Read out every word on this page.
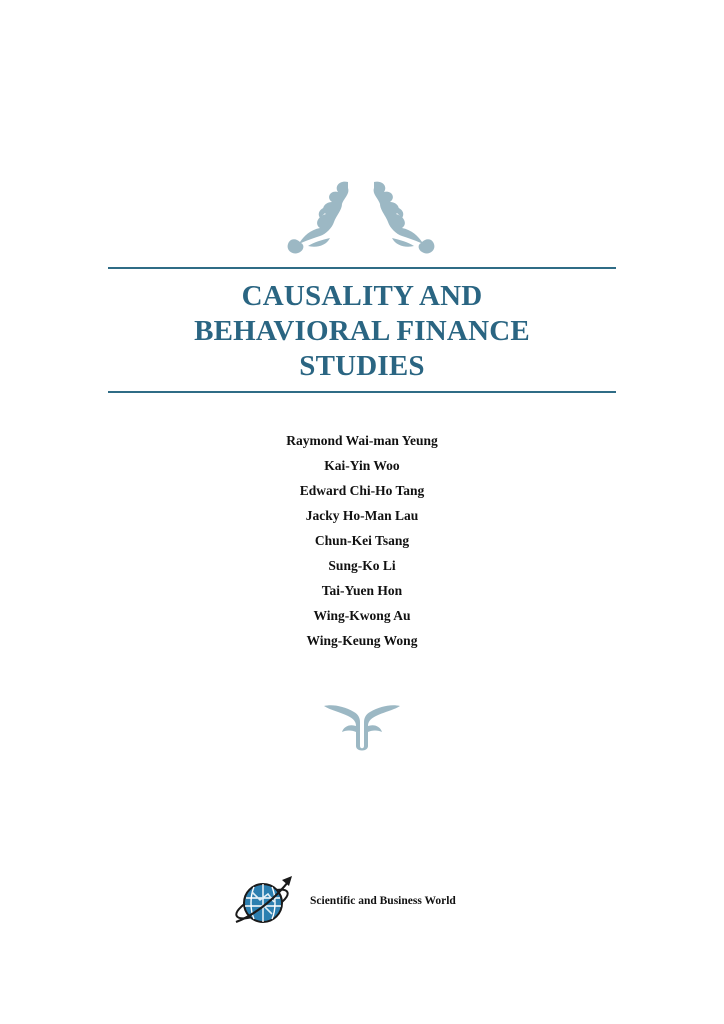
CAUSALITY AND
BEHAVIORAL FINANCE
STUDIES
Raymond Wai-man Yeung
Kai-Yin Woo
Edward Chi-Ho Tang
Jacky Ho-Man Lau
Chun-Kei Tsang
Sung-Ko Li
Tai-Yuen Hon
Wing-Kwong Au
Wing-Keung Wong
Scientific and Business World
